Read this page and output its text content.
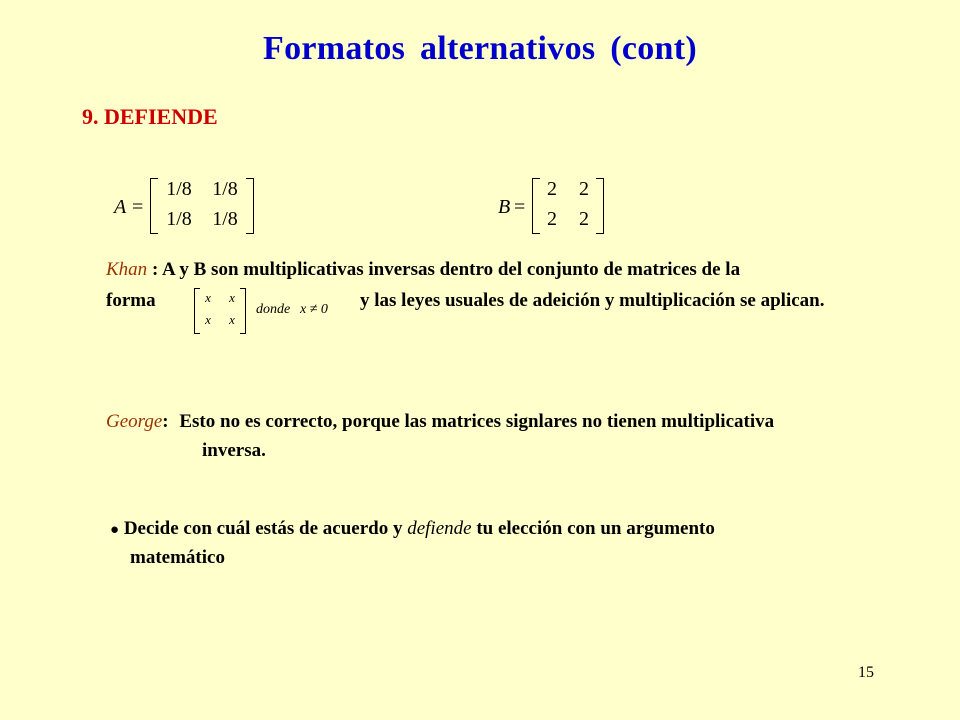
Formatos alternativos (cont)
9. DEFIENDE
A =
1/8	1/8
1/8	1/8
B =
2	2
2	2
Khan : A y B son multiplicativas inversas dentro del conjunto de matrices de la
forma	x	x
x	x
donde x ≠ 0 y las leyes usuales de adeición y multiplicación se aplican.
George: Esto no es correcto, porque las matrices signlares no tienen multiplicativa
inversa.
● Decide con cuál estás de acuerdo y defiende tu elección con un argumento
matemático
15
